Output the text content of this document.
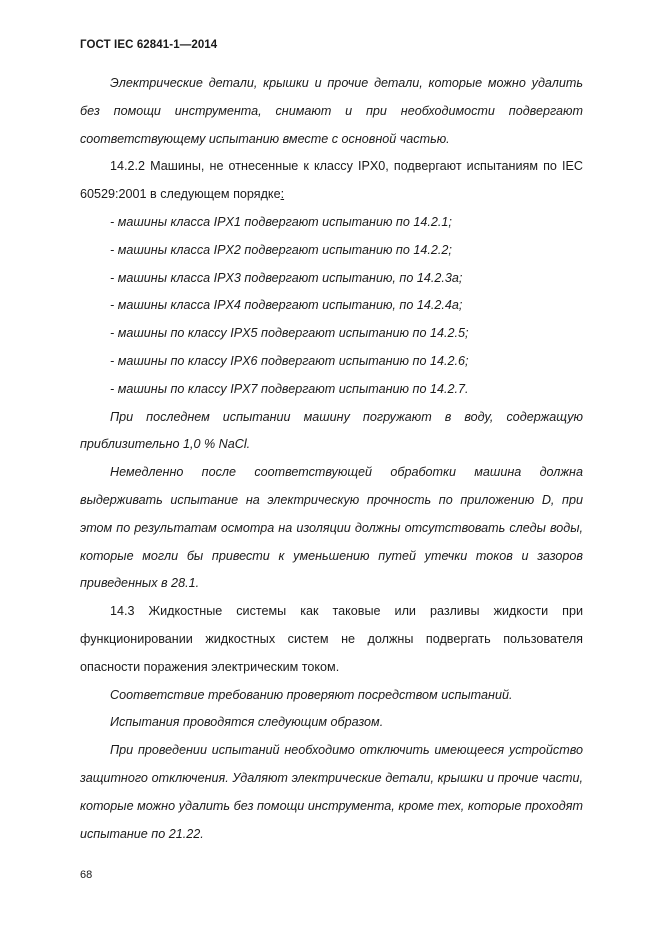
ГОСТ IEC 62841-1—2014

Электрические детали, крышки и прочие детали, которые можно удалить без помощи инструмента, снимают и при необходимости подвергают соответствующему испытанию вместе с основной частью.

14.2.2 Машины, не отнесенные к классу IPX0, подвергают испытаниям по IEC 60529:2001 в следующем порядке:

- машины класса IPX1 подвергают испытанию по 14.2.1;

- машины класса IPX2 подвергают испытанию по 14.2.2;

- машины класса IPX3 подвергают испытанию, по 14.2.3а;

- машины класса IPX4 подвергают испытанию, по 14.2.4а;

- машины по классу IPX5 подвергают испытанию по 14.2.5;

- машины по классу IPX6 подвергают испытанию по 14.2.6;

- машины по классу IPX7 подвергают испытанию по 14.2.7.

При последнем испытании машину погружают в воду, содержащую приблизительно 1,0 % NaCl.

Немедленно после соответствующей обработки машина должна выдерживать испытание на электрическую прочность по приложению D, при этом по результатам осмотра на изоляции должны отсутствовать следы воды, которые могли бы привести к уменьшению путей утечки токов и зазоров приведенных в 28.1.

14.3 Жидкостные системы как таковые или разливы жидкости при функционировании жидкостных систем не должны подвергать пользователя опасности поражения электрическим током.

Соответствие требованию проверяют посредством испытаний.

Испытания проводятся следующим образом.

При проведении испытаний необходимо отключить имеющееся устройство защитного отключения. Удаляют электрические детали, крышки и прочие части, которые можно удалить без помощи инструмента, кроме тех, которые проходят испытание по 21.22.

68
